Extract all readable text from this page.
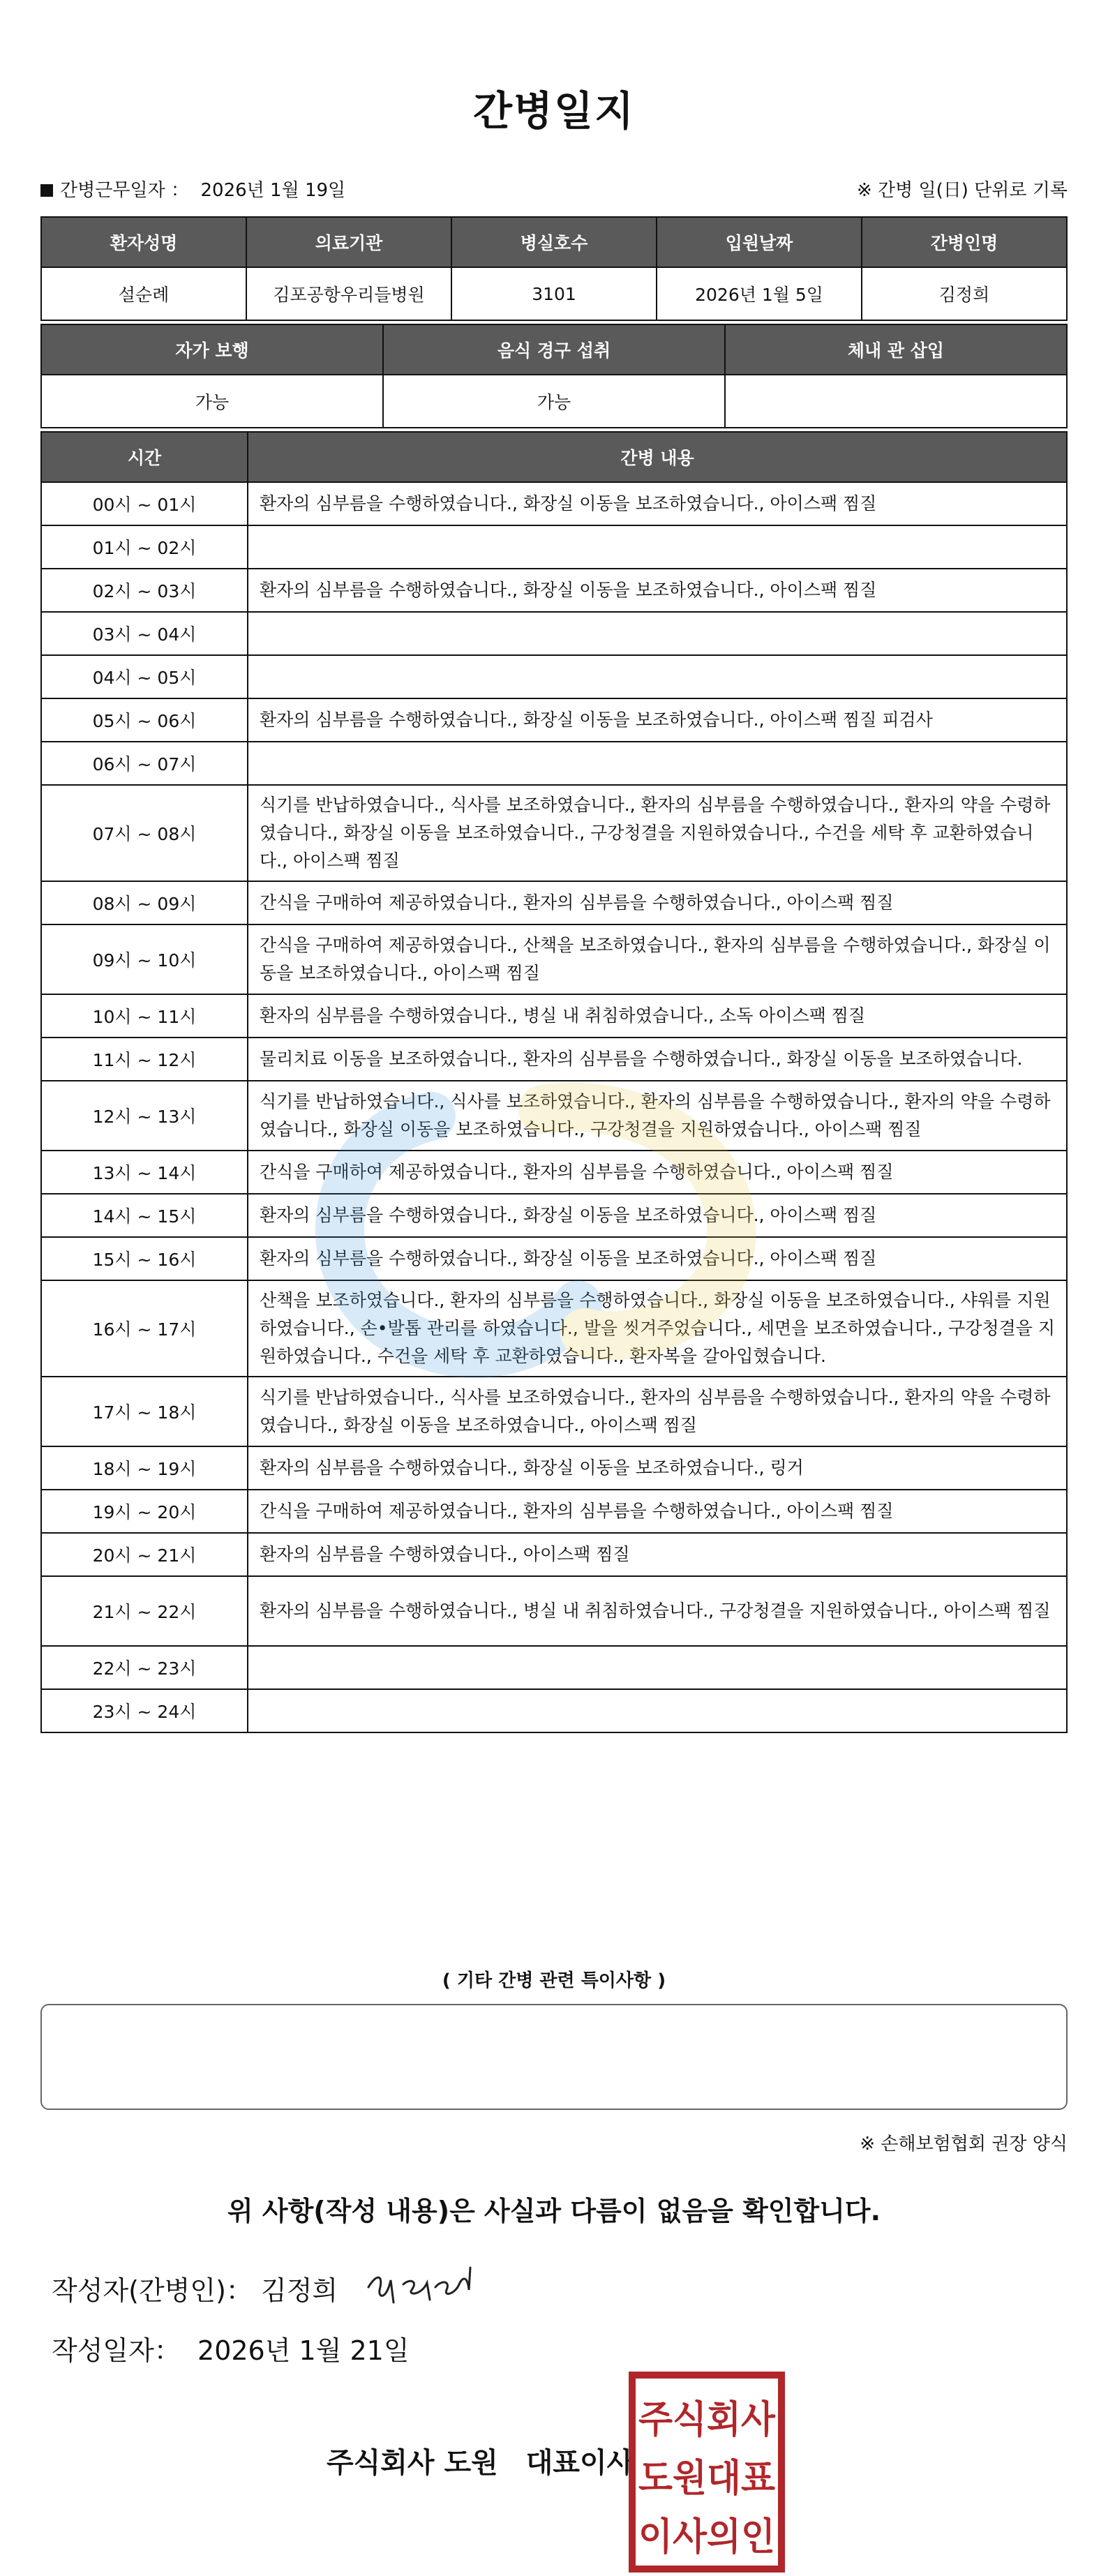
간병일지
간병근무일자 ： 2026년 1월 19일	※ 간병 일(日) 단위로 기록
환자성명	의료기관	병실호수	입원날짜	간병인명
설순례	김포공항우리들병원	3101	2026년 1월 5일	김정희
자가 보행	음식 경구 섭취	체내 관 삽입
가능	가능	
시간	간병 내용
00시 ~ 01시	환자의 심부름을 수행하였습니다., 화장실 이동을 보조하였습니다., 아이스팩 찜질
01시 ~ 02시	
02시 ~ 03시	환자의 심부름을 수행하였습니다., 화장실 이동을 보조하였습니다., 아이스팩 찜질
03시 ~ 04시	
04시 ~ 05시	
05시 ~ 06시	환자의 심부름을 수행하였습니다., 화장실 이동을 보조하였습니다., 아이스팩 찜질 피검사
06시 ~ 07시	
07시 ~ 08시	식기를 반납하였습니다., 식사를 보조하였습니다., 환자의 심부름을 수행하였습니다., 환자의 약을 수령하였습니다., 화장실 이동을 보조하였습니다., 구강청결을 지원하였습니다., 수건을 세탁 후 교환하였습니다., 아이스팩 찜질
08시 ~ 09시	간식을 구매하여 제공하였습니다., 환자의 심부름을 수행하였습니다., 아이스팩 찜질
09시 ~ 10시	간식을 구매하여 제공하였습니다., 산책을 보조하였습니다., 환자의 심부름을 수행하였습니다., 화장실 이동을 보조하였습니다., 아이스팩 찜질
10시 ~ 11시	환자의 심부름을 수행하였습니다., 병실 내 취침하였습니다., 소독 아이스팩 찜질
11시 ~ 12시	물리치료 이동을 보조하였습니다., 환자의 심부름을 수행하였습니다., 화장실 이동을 보조하였습니다.
12시 ~ 13시	식기를 반납하였습니다., 식사를 보조하였습니다., 환자의 심부름을 수행하였습니다., 환자의 약을 수령하였습니다., 화장실 이동을 보조하였습니다., 구강청결을 지원하였습니다., 아이스팩 찜질
13시 ~ 14시	간식을 구매하여 제공하였습니다., 환자의 심부름을 수행하였습니다., 아이스팩 찜질
14시 ~ 15시	환자의 심부름을 수행하였습니다., 화장실 이동을 보조하였습니다., 아이스팩 찜질
15시 ~ 16시	환자의 심부름을 수행하였습니다., 화장실 이동을 보조하였습니다., 아이스팩 찜질
16시 ~ 17시	산책을 보조하였습니다., 환자의 심부름을 수행하였습니다., 화장실 이동을 보조하였습니다., 샤워를 지원하였습니다., 손•발톱 관리를 하였습니다., 발을 씻겨주었습니다., 세면을 보조하였습니다., 구강청결을 지원하였습니다., 수건을 세탁 후 교환하였습니다., 환자복을 갈아입혔습니다.
17시 ~ 18시	식기를 반납하였습니다., 식사를 보조하였습니다., 환자의 심부름을 수행하였습니다., 환자의 약을 수령하였습니다., 화장실 이동을 보조하였습니다., 아이스팩 찜질
18시 ~ 19시	환자의 심부름을 수행하였습니다., 화장실 이동을 보조하였습니다., 링거
19시 ~ 20시	간식을 구매하여 제공하였습니다., 환자의 심부름을 수행하였습니다., 아이스팩 찜질
20시 ~ 21시	환자의 심부름을 수행하였습니다., 아이스팩 찜질
21시 ~ 22시	환자의 심부름을 수행하였습니다., 병실 내 취침하였습니다., 구강청결을 지원하였습니다., 아이스팩 찜질
22시 ~ 23시	
23시 ~ 24시	
( 기타 간병 관련 특이사항 )
※ 손해보험협회 권장 양식
위 사항(작성 내용)은 사실과 다름이 없음을 확인합니다.
작성자(간병인)： 김정희
작성일자： 2026년 1월 21일
주식회사 도원　대표이사
주식회사
도원대표
이사의인
